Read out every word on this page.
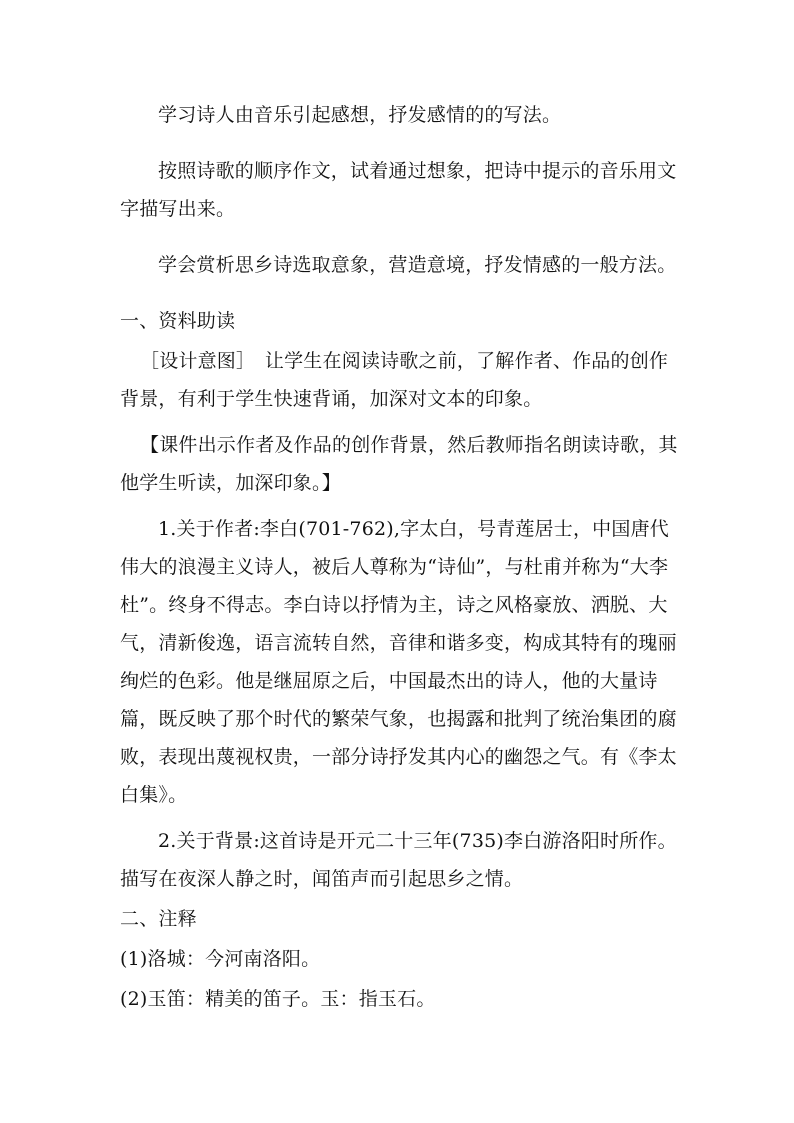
学习诗人由音乐引起感想，抒发感情的的写法。

按照诗歌的顺序作文，试着通过想象，把诗中提示的音乐用文字描写出来。

学会赏析思乡诗选取意象，营造意境，抒发情感的一般方法。

一、资料助读

［设计意图］　让学生在阅读诗歌之前，了解作者、作品的创作背景，有利于学生快速背诵，加深对文本的印象。

【课件出示作者及作品的创作背景，然后教师指名朗读诗歌，其他学生听读，加深印象。】

1.关于作者:李白(701-762),字太白，号青莲居士，中国唐代伟大的浪漫主义诗人，被后人尊称为“诗仙”，与杜甫并称为“大李杜”。终身不得志。李白诗以抒情为主，诗之风格豪放、洒脱、大气，清新俊逸，语言流转自然，音律和谐多变，构成其特有的瑰丽绚烂的色彩。他是继屈原之后，中国最杰出的诗人，他的大量诗篇，既反映了那个时代的繁荣气象，也揭露和批判了统治集团的腐败，表现出蔑视权贵，一部分诗抒发其内心的幽怨之气。有《李太白集》。

2.关于背景:这首诗是开元二十三年(735)李白游洛阳时所作。描写在夜深人静之时，闻笛声而引起思乡之情。

二、注释

(1)洛城：今河南洛阳。

(2)玉笛：精美的笛子。玉：指玉石。
